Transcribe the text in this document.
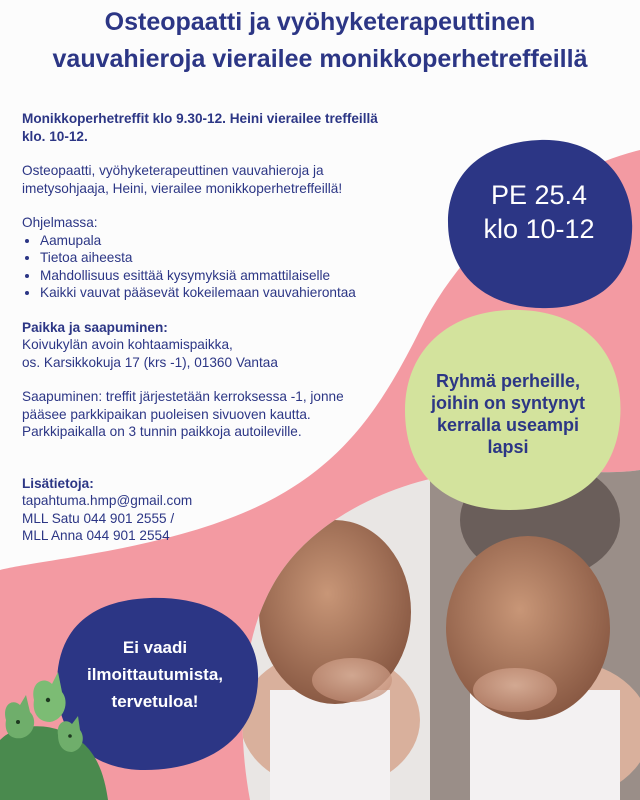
Osteopaatti ja vyöhyketerapeuttinen
vauvahieroja vierailee monikkoperhetreffeillä

Monikkoperhetreffit klo 9.30-12. Heini vierailee treffeillä

klo. 10-12.

Osteopaatti, vyöhyketerapeuttinen vauvahieroja ja

imetysohjaaja, Heini, vierailee monikkoperhetreffeillä!

Ohjelmassa:

• Aamupala
• Tietoa aiheesta
• Mahdollisuus esittää kysymyksiä ammattilaiselle
• Kaikki vauvat pääsevät kokeilemaan vauvahierontaa

Paikka ja saapuminen:

Koivukylän avoin kohtaamispaikka,

os. Karsikkokuja 17 (krs -1), 01360 Vantaa

Saapuminen: treffit järjestetään kerroksessa -1, jonne

pääsee parkkipaikan puoleisen sivuoven kautta.

Parkkipaikalla on 3 tunnin paikkoja autoileville.

Lisätietoja:

tapahtuma.hmp@gmail.com

MLL Satu 044 901 2555 /

MLL Anna 044 901 2554

PE 25.4
klo 10-12
Ryhmä perheille,
joihin on syntynyt
kerralla useampi
lapsi
Ei vaadi
ilmoittautumista,
tervetuloa!
